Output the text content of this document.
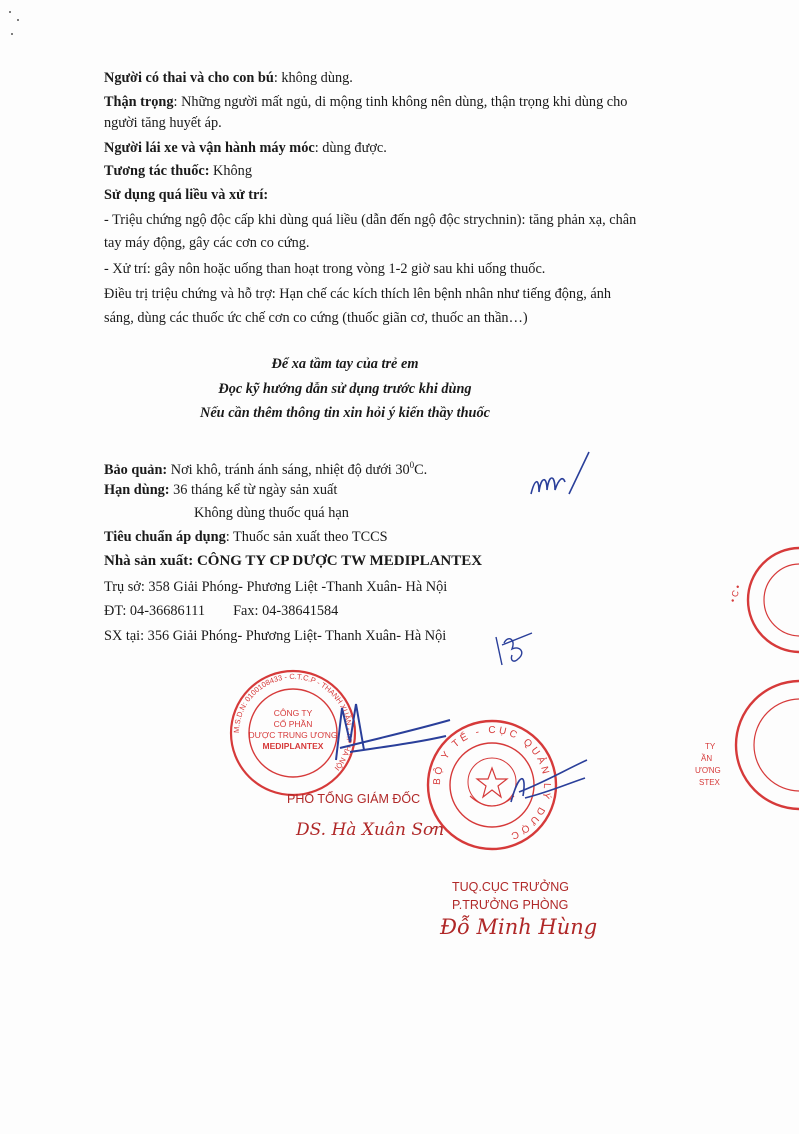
Người có thai và cho con bú: không dùng.
Thận trọng: Những người mất ngủ, di mộng tinh không nên dùng, thận trọng khi dùng cho
người tăng huyết áp.
Người lái xe và vận hành máy móc: dùng được.
Tương tác thuốc: Không
Sử dụng quá liều và xử trí:
- Triệu chứng ngộ độc cấp khi dùng quá liều (dẫn đến ngộ độc strychnin): tăng phản xạ, chân
tay máy động, gây các cơn co cứng.
- Xử trí: gây nôn hoặc uống than hoạt trong vòng 1-2 giờ sau khi uống thuốc.
Điều trị triệu chứng và hỗ trợ: Hạn chế các kích thích lên bệnh nhân như tiếng động, ánh
sáng, dùng các thuốc ức chế cơn co cứng (thuốc giãn cơ, thuốc an thần…)
Để xa tầm tay của trẻ em
Đọc kỹ hướng dẫn sử dụng trước khi dùng
Nếu cần thêm thông tin xin hỏi ý kiến thầy thuốc
Bảo quản: Nơi khô, tránh ánh sáng, nhiệt độ dưới $30^0C$.
Hạn dùng: 36 tháng kể từ ngày sản xuất
Không dùng thuốc quá hạn
Tiêu chuẩn áp dụng: Thuốc sản xuất theo TCCS
Nhà sản xuất: CÔNG TY CP DƯỢC TW MEDIPLANTEX
Trụ sở: 358 Giải Phóng- Phương Liệt -Thanh Xuân- Hà Nội
ĐT: 04-36686111 Fax: 04-38641584
SX tại: 356 Giải Phóng- Phương Liệt- Thanh Xuân- Hà Nội
M.S.D.N: 0100108433 - C.T.C.P - THANH XUÂN - T.P HÀ NỘI
CÔNG TY
CỔ PHẦN
DƯỢC TRUNG ƯƠNG
MEDIPLANTEX
BỘ Y TẾ - CỤC QUẢN LÝ DƯỢC
PHÓ TỔNG GIÁM ĐỐC
DS. Hà Xuân Sơn
TUQ.CỤC TRƯỞNG
P.TRƯỞNG PHÒNG
Đỗ Minh Hùng
• C •
TY
ẦN
ƯƠNG
STEX
